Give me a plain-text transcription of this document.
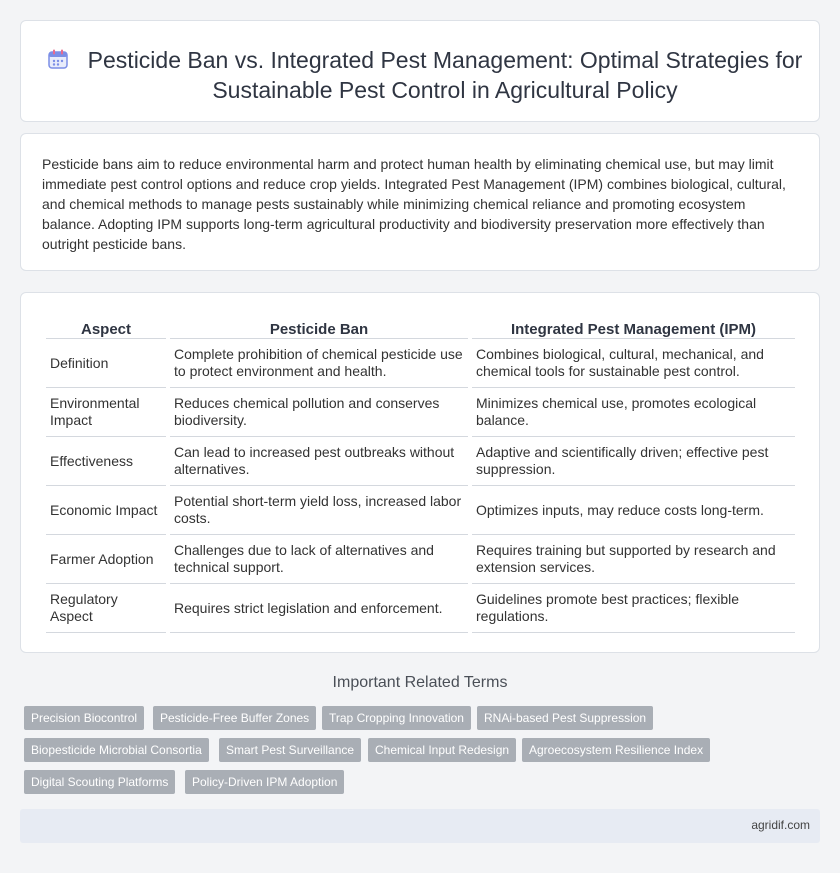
Pesticide Ban vs. Integrated Pest Management: Optimal Strategies for Sustainable Pest Control in Agricultural Policy

Pesticide bans aim to reduce environmental harm and protect human health by eliminating chemical use, but may limit immediate pest control options and reduce crop yields. Integrated Pest Management (IPM) combines biological, cultural, and chemical methods to manage pests sustainably while minimizing chemical reliance and promoting ecosystem balance. Adopting IPM supports long-term agricultural productivity and biodiversity preservation more effectively than outright pesticide bans.

Aspect	Pesticide Ban	Integrated Pest Management (IPM)
Definition	Complete prohibition of chemical pesticide use to protect environment and health.	Combines biological, cultural, mechanical, and chemical tools for sustainable pest control.
Environmental Impact	Reduces chemical pollution and conserves biodiversity.	Minimizes chemical use, promotes ecological balance.
Effectiveness	Can lead to increased pest outbreaks without alternatives.	Adaptive and scientifically driven; effective pest suppression.
Economic Impact	Potential short-term yield loss, increased labor costs.	Optimizes inputs, may reduce costs long-term.
Farmer Adoption	Challenges due to lack of alternatives and technical support.	Requires training but supported by research and extension services.
Regulatory Aspect	Requires strict legislation and enforcement.	Guidelines promote best practices; flexible regulations.
Important Related Terms
Precision Biocontrol	Pesticide-Free Buffer Zones	Trap Cropping Innovation	RNAi-based Pest Suppression
Biopesticide Microbial Consortia	Smart Pest Surveillance	Chemical Input Redesign	Agroecosystem Resilience Index
Digital Scouting Platforms	Policy-Driven IPM Adoption
agridif.com
